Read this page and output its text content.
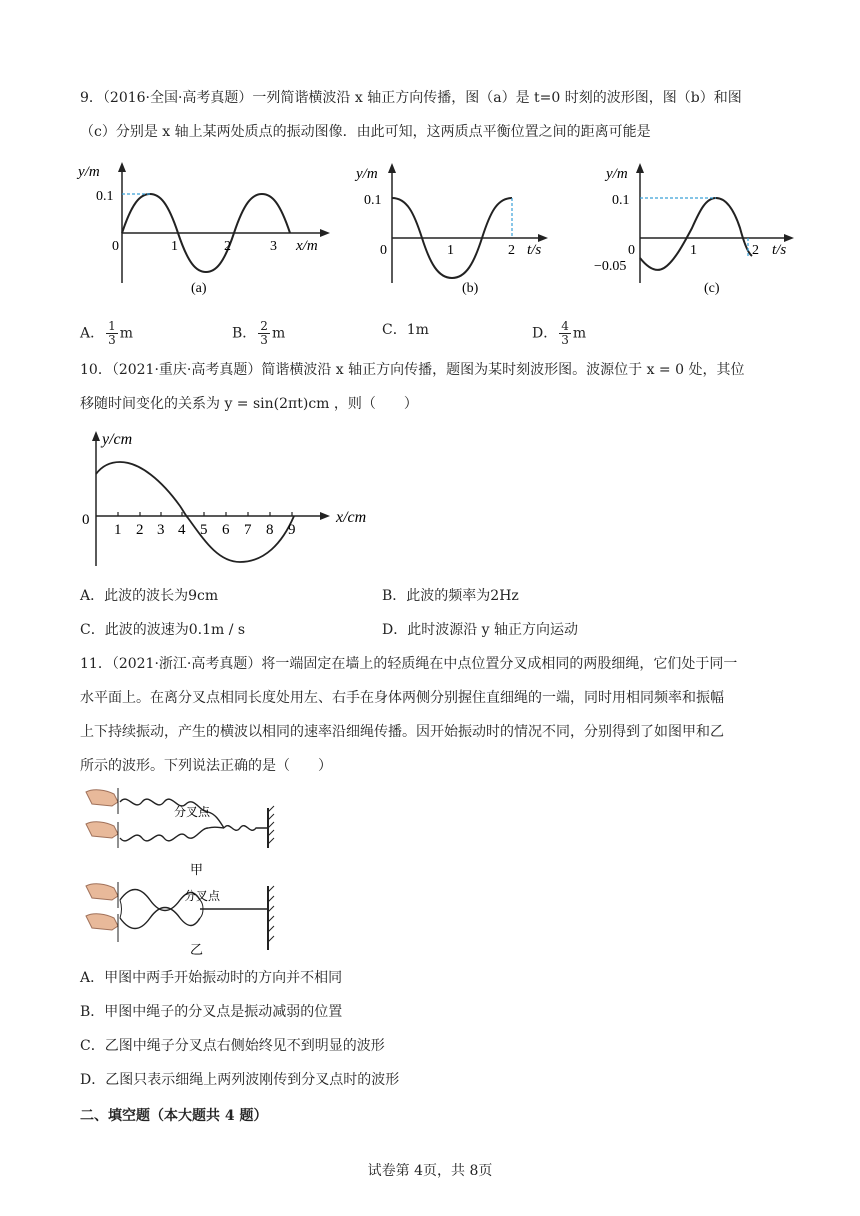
9．（2016·全国·高考真题）一列简谐横波沿 x 轴正方向传播，图（a）是 t=0 时刻的波形图，图（b）和图
（c）分别是 x 轴上某两处质点的振动图像．由此可知，这两质点平衡位置之间的距离可能是
y/m
0.1
0	1	2	3 x/m
(a)
y/m
0.1
0	1	2 t/s
(b)
y/m
0.1
−0.05
0	1	2 t/s
(c)
A． $\frac{1}{3}$ m	B． $\frac{2}{3}$ m	C．1m	D． $\frac{4}{3}$ m
10．（2021·重庆·高考真题）简谐横波沿 x 轴正方向传播，题图为某时刻波形图。波源位于 x = 0 处，其位
移随时间变化的关系为 y = sin(2πt)cm ，则（　　）
y/cm
0
1 2 3 4 5 6 7 8 9
x/cm
A．此波的波长为9cm	B．此波的频率为2Hz
C．此波的波速为0.1m / s	D．此时波源沿 y 轴正方向运动
11．（2021·浙江·高考真题）将一端固定在墙上的轻质绳在中点位置分叉成相同的两股细绳，它们处于同一
水平面上。在离分叉点相同长度处用左、右手在身体两侧分别握住直细绳的一端，同时用相同频率和振幅
上下持续振动，产生的横波以相同的速率沿细绳传播。因开始振动时的情况不同，分别得到了如图甲和乙
所示的波形。下列说法正确的是（　　）
分叉点
甲
分叉点
乙
A．甲图中两手开始振动时的方向并不相同
B．甲图中绳子的分叉点是振动减弱的位置
C．乙图中绳子分叉点右侧始终见不到明显的波形
D．乙图只表示细绳上两列波刚传到分叉点时的波形
二、填空题（本大题共 4 题）
试卷第 4页，共 8页
